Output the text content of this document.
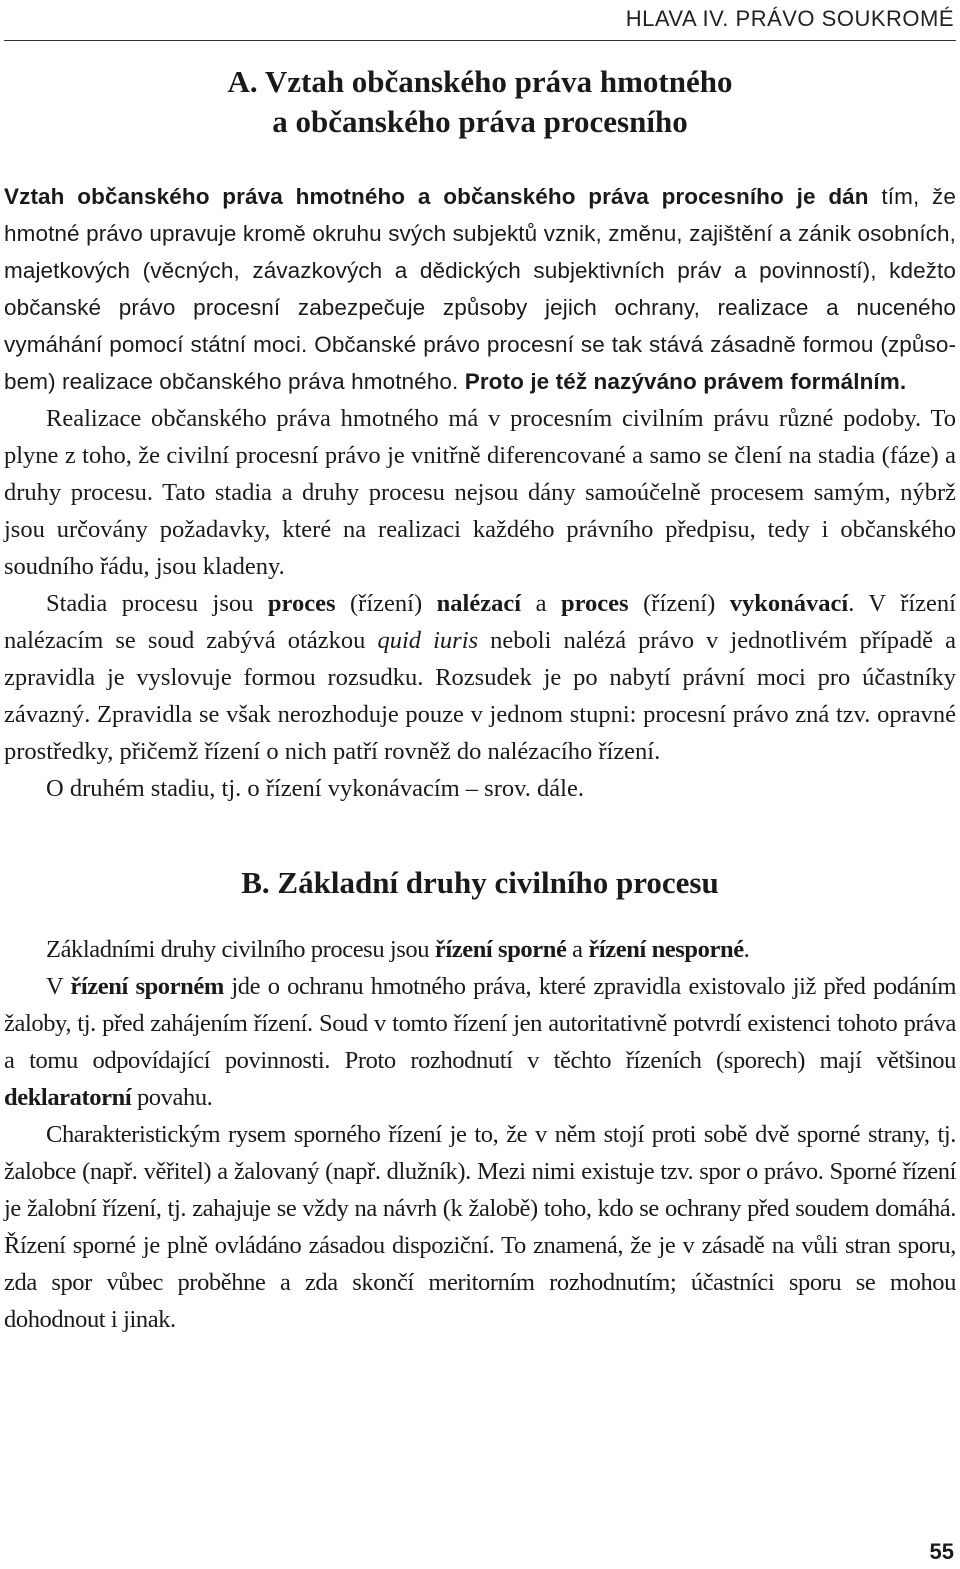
HLAVA IV. PRÁVO SOUKROMÉ
A. Vztah občanského práva hmotného
a občanského práva procesního

Vztah občanského práva hmotného a občanského práva procesního je dán tím, že hmotné právo upravuje kromě okruhu svých subjektů vznik, změnu, zajištění a zánik osobních, majetkových (věcných, závazkových a dědických subjektivních práv a povinností), kdežto občanské právo procesní zabezpečuje způsoby jejich ochrany, realizace a nuceného vymáhání pomocí státní moci. Občanské právo procesní se tak stává zásadně formou (způsobem) realizace občanského práva hmotného. Proto je též nazýváno právem formálním.

Realizace občanského práva hmotného má v procesním civilním právu různé podoby. To plyne z toho, že civilní procesní právo je vnitřně diferencované a samo se člení na stadia (fáze) a druhy procesu. Tato stadia a druhy procesu nejsou dány samoúčelně procesem samým, nýbrž jsou určovány požadavky, které na realizaci každého právního předpisu, tedy i občanského soudního řádu, jsou kladeny.

Stadia procesu jsou proces (řízení) nalézací a proces (řízení) vykonávací. V řízení nalézacím se soud zabývá otázkou quid iuris neboli nalézá právo v jednotlivém případě a zpravidla je vyslovuje formou rozsudku. Rozsudek je po nabytí právní moci pro účastníky závazný. Zpravidla se však nerozhoduje pouze v jednom stupni: procesní právo zná tzv. opravné prostředky, přičemž řízení o nich patří rovněž do nalézacího řízení.

O druhém stadiu, tj. o řízení vykonávacím – srov. dále.

B. Základní druhy civilního procesu

Základními druhy civilního procesu jsou řízení sporné a řízení nesporné.

V řízení sporném jde o ochranu hmotného práva, které zpravidla existovalo již před podáním žaloby, tj. před zahájením řízení. Soud v tomto řízení jen autoritativně potvrdí existenci tohoto práva a tomu odpovídající povinnosti. Proto rozhodnutí v těchto řízeních (sporech) mají většinou deklaratorní povahu.

Charakteristickým rysem sporného řízení je to, že v něm stojí proti sobě dvě sporné strany, tj. žalobce (např. věřitel) a žalovaný (např. dlužník). Mezi nimi existuje tzv. spor o právo. Sporné řízení je žalobní řízení, tj. zahajuje se vždy na návrh (k žalobě) toho, kdo se ochrany před soudem domáhá. Řízení sporné je plně ovládáno zásadou dispoziční. To znamená, že je v zásadě na vůli stran sporu, zda spor vůbec proběhne a zda skončí meritorním rozhodnutím; účastníci sporu se mohou dohodnout i jinak.

55
